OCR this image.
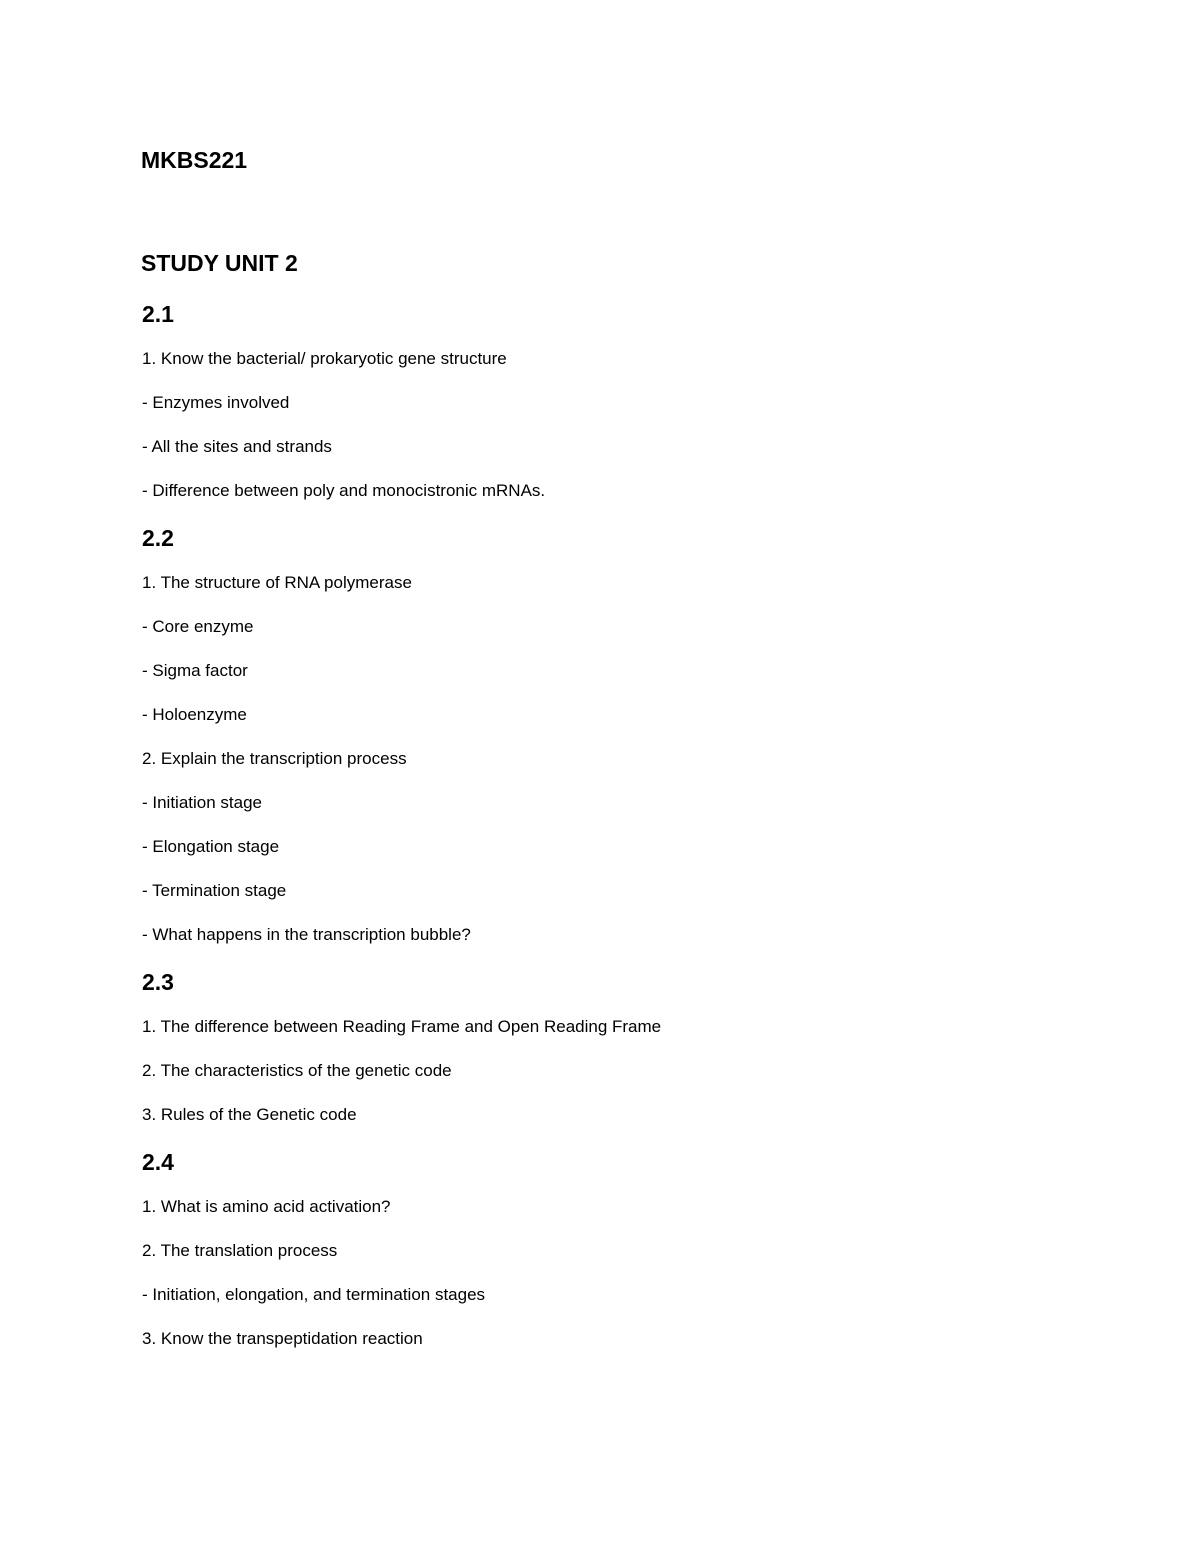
MKBS221
STUDY UNIT 2
2.1
1. Know the bacterial/ prokaryotic gene structure
- Enzymes involved
- All the sites and strands
- Difference between poly and monocistronic mRNAs.
2.2
1. The structure of RNA polymerase
- Core enzyme
- Sigma factor
- Holoenzyme
2. Explain the transcription process
- Initiation stage
- Elongation stage
- Termination stage
- What happens in the transcription bubble?
2.3
1. The difference between Reading Frame and Open Reading Frame
2. The characteristics of the genetic code
3. Rules of the Genetic code
2.4
1. What is amino acid activation?
2. The translation process
- Initiation, elongation, and termination stages
3. Know the transpeptidation reaction
